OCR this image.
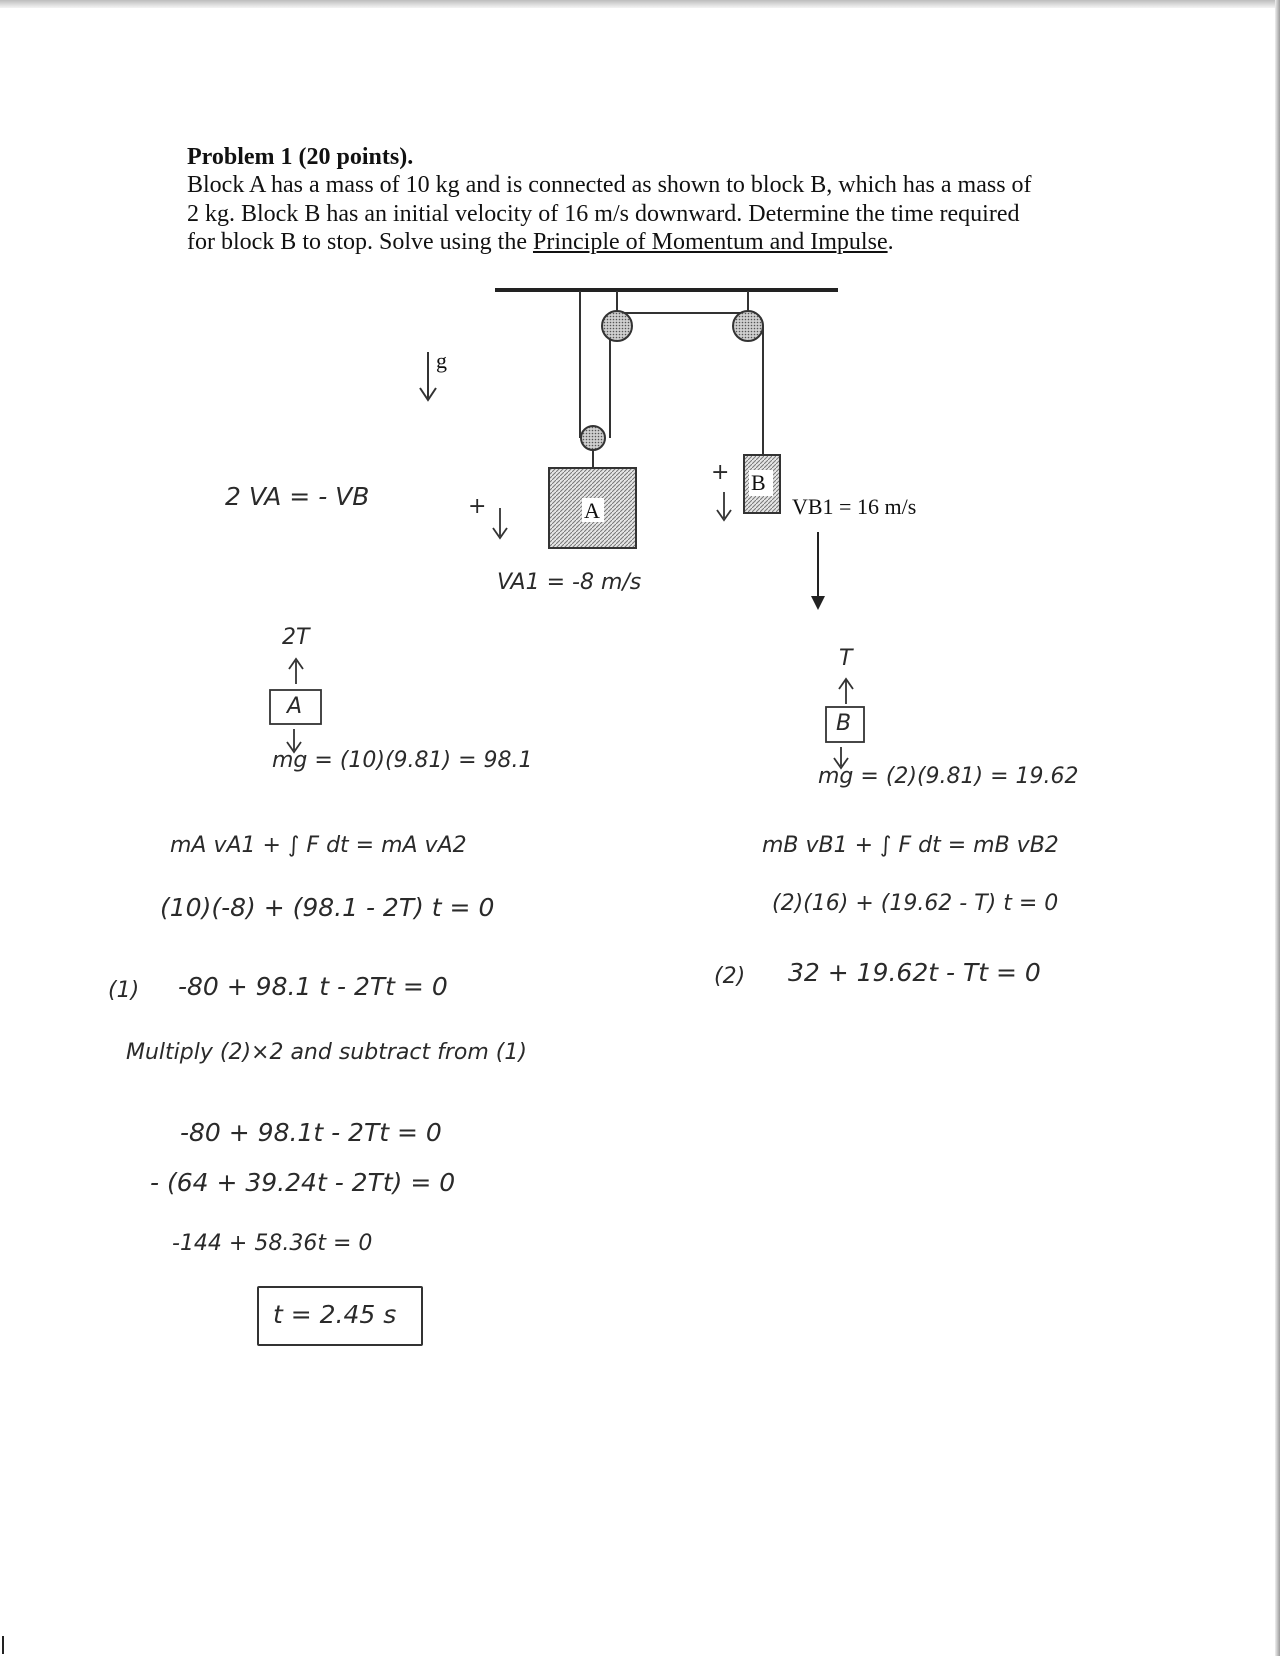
Problem 1 (20 points).
Block A has a mass of 10 kg and is connected as shown to block B, which has a mass of
2 kg. Block B has an initial velocity of 16 m/s downward. Determine the time required
for block B to stop. Solve using the Principle of Momentum and Impulse.
A
B
VB1 = 16 m/s
g
2 VA = - VB	+
+
VA1 = -8 m/s
2T
A
mg = (10)(9.81) = 98.1
T
B
mg = (2)(9.81) = 19.62
mA vA1 + ∫ F dt = mA vA2
(10)(-8) + (98.1 - 2T) t = 0
(1) -80 + 98.1 t - 2Tt = 0
mB vB1 + ∫ F dt = mB vB2
(2)(16) + (19.62 - T) t = 0
(2) 32 + 19.62t - Tt = 0
Multiply (2)×2 and subtract from (1)
-80 + 98.1t - 2Tt = 0
- (64 + 39.24t - 2Tt) = 0
-144 + 58.36t = 0
t = 2.45 s
